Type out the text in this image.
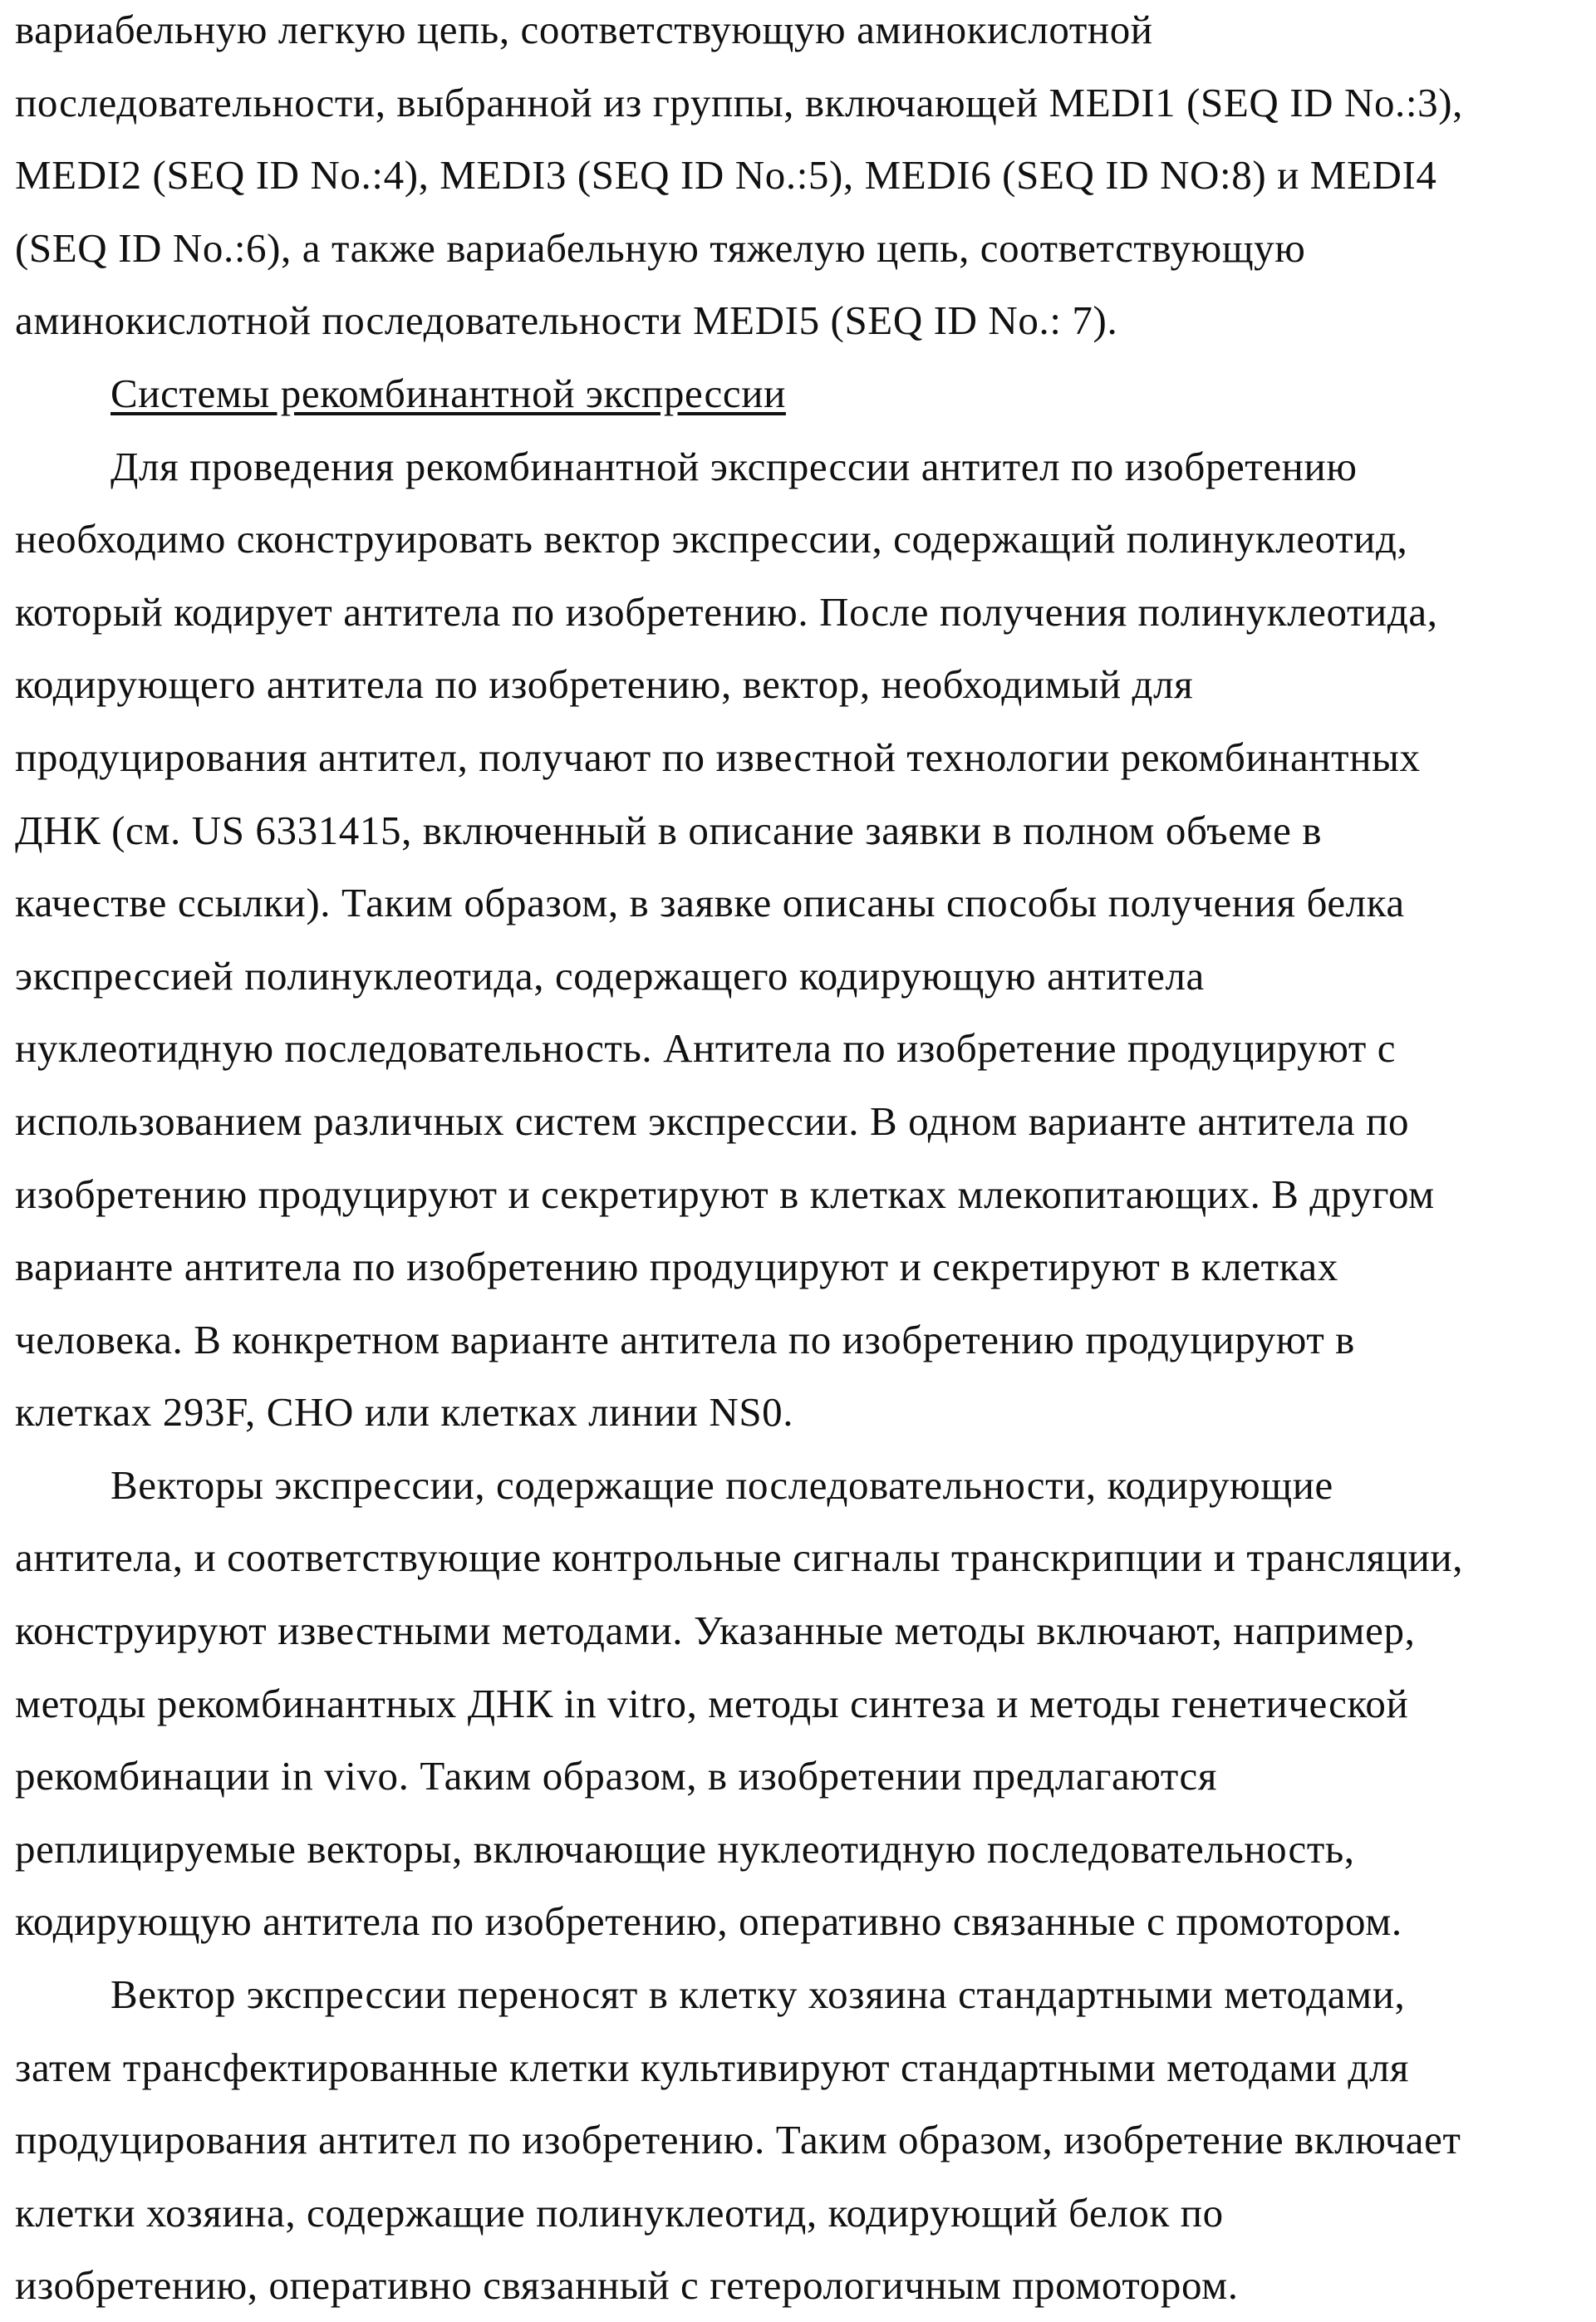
вариабельную легкую цепь, соответствующую аминокислотной
последовательности, выбранной из группы, включающей MEDI1 (SEQ ID No.:3),
MEDI2 (SEQ ID No.:4), MEDI3 (SEQ ID No.:5), MEDI6 (SEQ ID NO:8) и MEDI4
(SEQ ID No.:6), а также вариабельную тяжелую цепь, соответствующую
аминокислотной последовательности MEDI5 (SEQ ID No.: 7).
Системы рекомбинантной экспрессии
Для проведения рекомбинантной экспрессии антител по изобретению
необходимо сконструировать вектор экспрессии, содержащий полинуклеотид,
который кодирует антитела по изобретению. После получения полинуклеотида,
кодирующего антитела по изобретению, вектор, необходимый для
продуцирования антител, получают по известной технологии рекомбинантных
ДНК (см. US 6331415, включенный в описание заявки в полном объеме в
качестве ссылки). Таким образом, в заявке описаны способы получения белка
экспрессией полинуклеотида, содержащего кодирующую антитела
нуклеотидную последовательность. Антитела по изобретение продуцируют с
использованием различных систем экспрессии. В одном варианте антитела по
изобретению продуцируют и секретируют в клетках млекопитающих. В другом
варианте антитела по изобретению продуцируют и секретируют в клетках
человека. В конкретном варианте антитела по изобретению продуцируют в
клетках 293F, CHO или клетках линии NS0.
Векторы экспрессии, содержащие последовательности, кодирующие
антитела, и соответствующие контрольные сигналы транскрипции и трансляции,
конструируют известными методами. Указанные методы включают, например,
методы рекомбинантных ДНК in vitro, методы синтеза и методы генетической
рекомбинации in vivo. Таким образом, в изобретении предлагаются
реплицируемые векторы, включающие нуклеотидную последовательность,
кодирующую антитела по изобретению, оперативно связанные с промотором.
Вектор экспрессии переносят в клетку хозяина стандартными методами,
затем трансфектированные клетки культивируют стандартными методами для
продуцирования антител по изобретению. Таким образом, изобретение включает
клетки хозяина, содержащие полинуклеотид, кодирующий белок по
изобретению, оперативно связанный с гетерологичным промотором.
